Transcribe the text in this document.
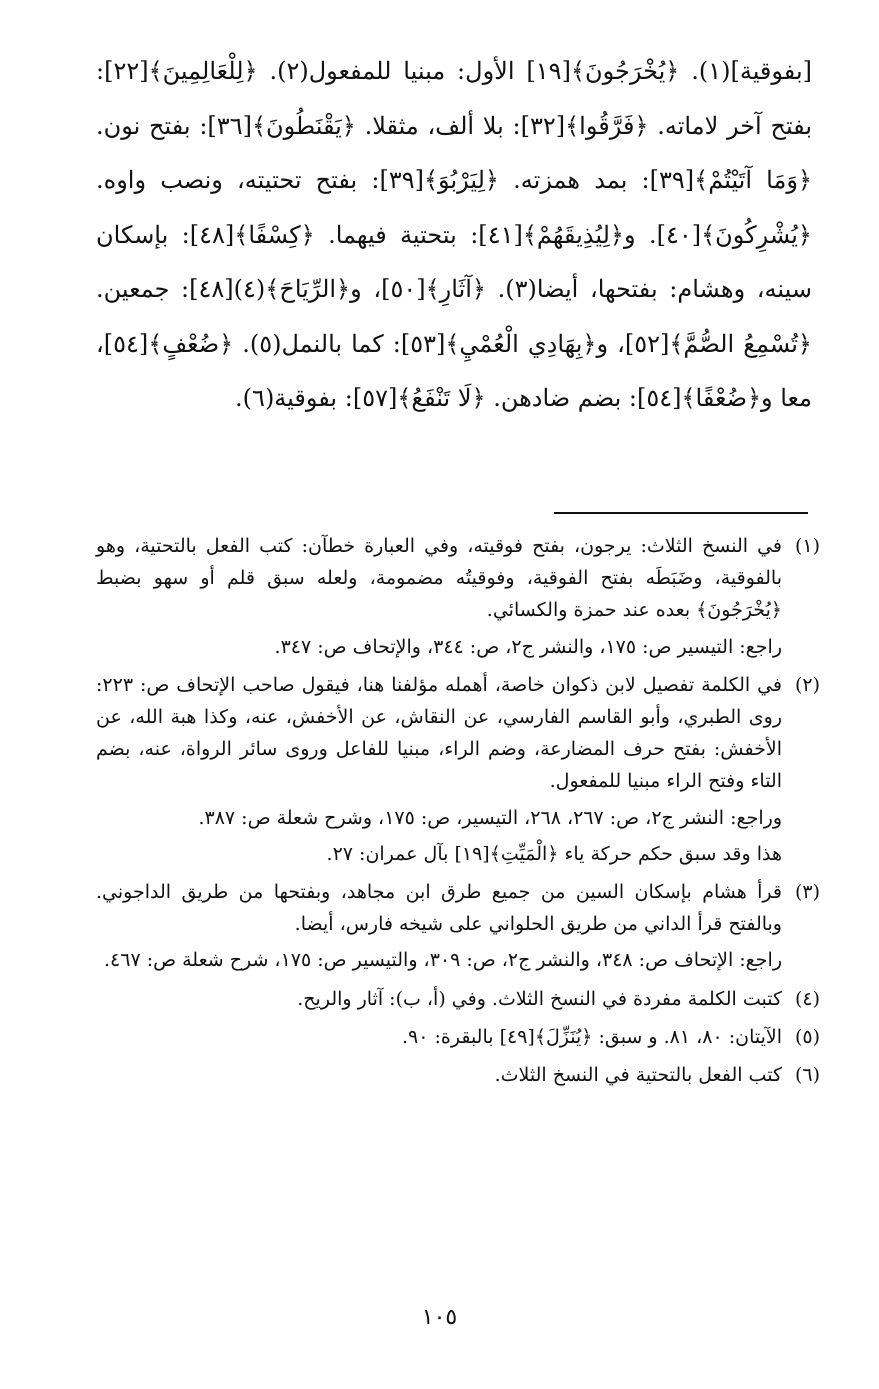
[بفوقية](١). ﴿يُخْرَجُونَ﴾[١٩] الأول: مبنيا للمفعول(٢). ﴿لِلْعَالِمِينَ﴾[٢٢]: بفتح آخر لاماته. ﴿فَرَّقُوا﴾[٣٢]: بلا ألف، مثقلا. ﴿يَقْنَطُونَ﴾[٣٦]: بفتح نون. ﴿وَمَا آتَيْتُمْ﴾[٣٩]: بمد همزته. ﴿لِيَرْبُوَ﴾[٣٩]: بفتح تحتيته، ونصب واوه. ﴿يُشْرِكُونَ﴾[٤٠]. و﴿لِيُذِيقَهُمْ﴾[٤١]: بتحتية فيهما. ﴿كِسْفًا﴾[٤٨]: بإسكان سينه، وهشام: بفتحها، أيضا(٣). ﴿آثَارِ﴾[٥٠]، و﴿الرِّيَاحَ﴾(٤)[٤٨]: جمعين. ﴿تُسْمِعُ الصُّمَّ﴾[٥٢]، و﴿بِهَادِي الْعُمْيِ﴾[٥٣]: كما بالنمل(٥). ﴿ضُعْفٍ﴾[٥٤]، معا و﴿ضُعْفًا﴾[٥٤]: بضم ضادهن. ﴿لَا تَنْفَعُ﴾[٥٧]: بفوقية(٦).

(١)
في النسخ الثلاث: يرجون، بفتح فوقيته، وفي العبارة خطآن: كتب الفعل بالتحتية، وهو بالفوقية، وضَبَطَه بفتح الفوقية، وفوقيتُه مضمومة، ولعله سبق قلم أو سهو بضبط ﴿يُخْرَجُونَ﴾ بعده عند حمزة والكسائي.
راجع: التيسير ص: ١٧٥، والنشر ج٢، ص: ٣٤٤، والإتحاف ص: ٣٤٧.
(٢)
في الكلمة تفصيل لابن ذكوان خاصة، أهمله مؤلفنا هنا، فيقول صاحب الإتحاف ص: ٢٢٣: روى الطبري، وأبو القاسم الفارسي، عن النقاش، عن الأخفش، عنه، وكذا هبة الله، عن الأخفش: بفتح حرف المضارعة، وضم الراء، مبنيا للفاعل وروى سائر الرواة، عنه، بضم التاء وفتح الراء مبنيا للمفعول.
وراجع: النشر ج٢، ص: ٢٦٧، ٢٦٨، التيسير، ص: ١٧٥، وشرح شعلة ص: ٣٨٧.
هذا وقد سبق حكم حركة ياء ﴿الْمَيِّتِ﴾[١٩] بآل عمران: ٢٧.
(٣)
قرأ هشام بإسكان السين من جميع طرق ابن مجاهد، وبفتحها من طريق الداجوني. وبالفتح قرأ الداني من طريق الحلواني على شيخه فارس، أيضا.
راجع: الإتحاف ص: ٣٤٨، والنشر ج٢، ص: ٣٠٩، والتيسير ص: ١٧٥، شرح شعلة ص: ٤٦٧.
(٤)
كتبت الكلمة مفردة في النسخ الثلاث. وفي (أ، ب): آثار والريح.
(٥)
الآيتان: ٨٠، ٨١. و سبق: ﴿يُنَزِّلَ﴾[٤٩] بالبقرة: ٩٠.
(٦)
كتب الفعل بالتحتية في النسخ الثلاث.
١٠٥
